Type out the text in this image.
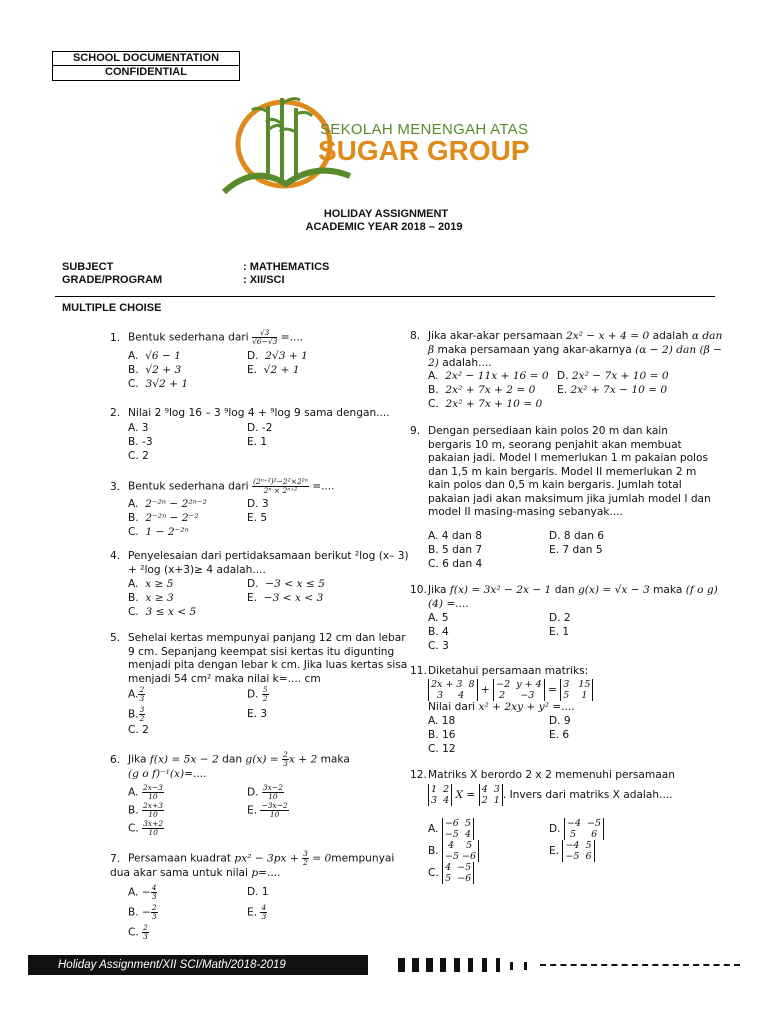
SCHOOL DOCUMENTATION
CONFIDENTIAL
SEKOLAH MENENGAH ATAS
SUGAR GROUP
HOLIDAY ASSIGNMENT
ACADEMIC YEAR 2018 – 2019
SUBJECT	: MATHEMATICS
GRADE/PROGRAM	: XII/SCI
MULTIPLE CHOISE
1. Bentuk sederhana dari $\frac{√3}{√6-√3}$ =....
A.  √6 − 1
B.  √2 + 3
C.  3√2 + 1
D.  2√3 + 1
E.  √2 + 1
2. Nilai 2 ⁹log 16 – 3 ⁹log 4 + ⁹log 9 sama dengan....
A. 3
B. -3
C. 2
D. -2
E. 1
3. Bentuk sederhana dari $\frac{\text{(2ⁿ⁺²)²−2²×2²ⁿ}}{\text{2ⁿ × 2ⁿ⁺²}}$ =....
A.  2⁻²ⁿ − 2²ⁿ⁻²
B.  2⁻²ⁿ − 2⁻²
C.  1 − 2⁻²ⁿ
D. 3
E. 5
4. Penyelesaian dari pertidaksamaan berikut ²log (x– 3) + ²log (x+3)≥ 4 adalah....
A.  x ≥ 5
B.  x ≥ 3
C.  3 ≤ x < 5
D.  −3 < x ≤ 5
E.  −3 < x < 3
5. Sehelai kertas mempunyai panjang 12 cm dan lebar 9 cm. Sepanjang keempat sisi kertas itu digunting menjadi pita dengan lebar k cm. Jika luas kertas sisa menjadi 54 cm² maka nilai k=.... cm
A. $\frac{2}{3}$
B. $\frac{3}{2}$
C. 2
D. $\frac{5}{2}$
E. 3
6. Jika f(x) = 5x − 2 dan $g(x) = \frac{2}{3}$ x + 2 maka
(g o f)⁻¹(x)=....
A. $\frac{2x-3}{10}$
B. $\frac{2x+3}{10}$
C. $\frac{3x+2}{10}$
D. $\frac{3x-2}{10}$
E. $\frac{-3x-2}{10}$
7. Persamaan kuadrat $px^2 - 3px + \frac{3}{2}$ = 0mempunyai dua akar sama untuk nilai p=....
A. − $\frac{4}{3}$
B. − $\frac{2}{3}$
C. $\frac{2}{3}$
D. 1
E. $\frac{4}{3}$
8. Jika akar-akar persamaan 2x² − x + 4 = 0 adalah α dan β maka persamaan yang akar-akarnya (α − 2) dan (β − 2) adalah....
A.  2x² − 11x + 16 = 0
B.  2x² + 7x + 2 = 0
C.  2x² + 7x + 10 = 0
D. 2x² − 7x + 10 = 0
E. 2x² + 7x − 10 = 0
9. Dengan persediaan kain polos 20 m dan kain bergaris 10 m, seorang penjahit akan membuat pakaian jadi. Model I memerlukan 1 m pakaian polos dan 1,5 m kain bergaris. Model II memerlukan 2 m kain polos dan 0,5 m kain bergaris. Jumlah total pakaian jadi akan maksimum jika jumlah model I dan model II masing-masing sebanyak....
A. 4 dan 8
B. 5 dan 7
C. 6 dan 4
D. 8 dan 6
E. 7 dan 5
10.Jika f(x) = 3x² − 2x − 1 dan g(x) = √x − 3 maka (f o g)(4) =....
A. 5
B. 4
C. 3
D. 2
E. 1
11.Diketahui persamaan matriks:
2x + 3  8
3     4 + −2  y + 4
2     −3 = 3   15
5    1
Nilai dari x² + 2xy + y² =....
A. 18
B. 16
C. 12
D. 9
E. 6
12.Matriks X berordo 2 x 2 memenuhi persamaan
1  2
3  4 X = 4  3
2  1 . Invers dari matriks X adalah....
A. −6  5
−5  4
B.  4    5
−5 −6
C. 4  −5
5  −6
D. −4  −5
5     6
E. −4  5
−5  6
Holiday Assignment/XII SCI/Math/2018-2019
